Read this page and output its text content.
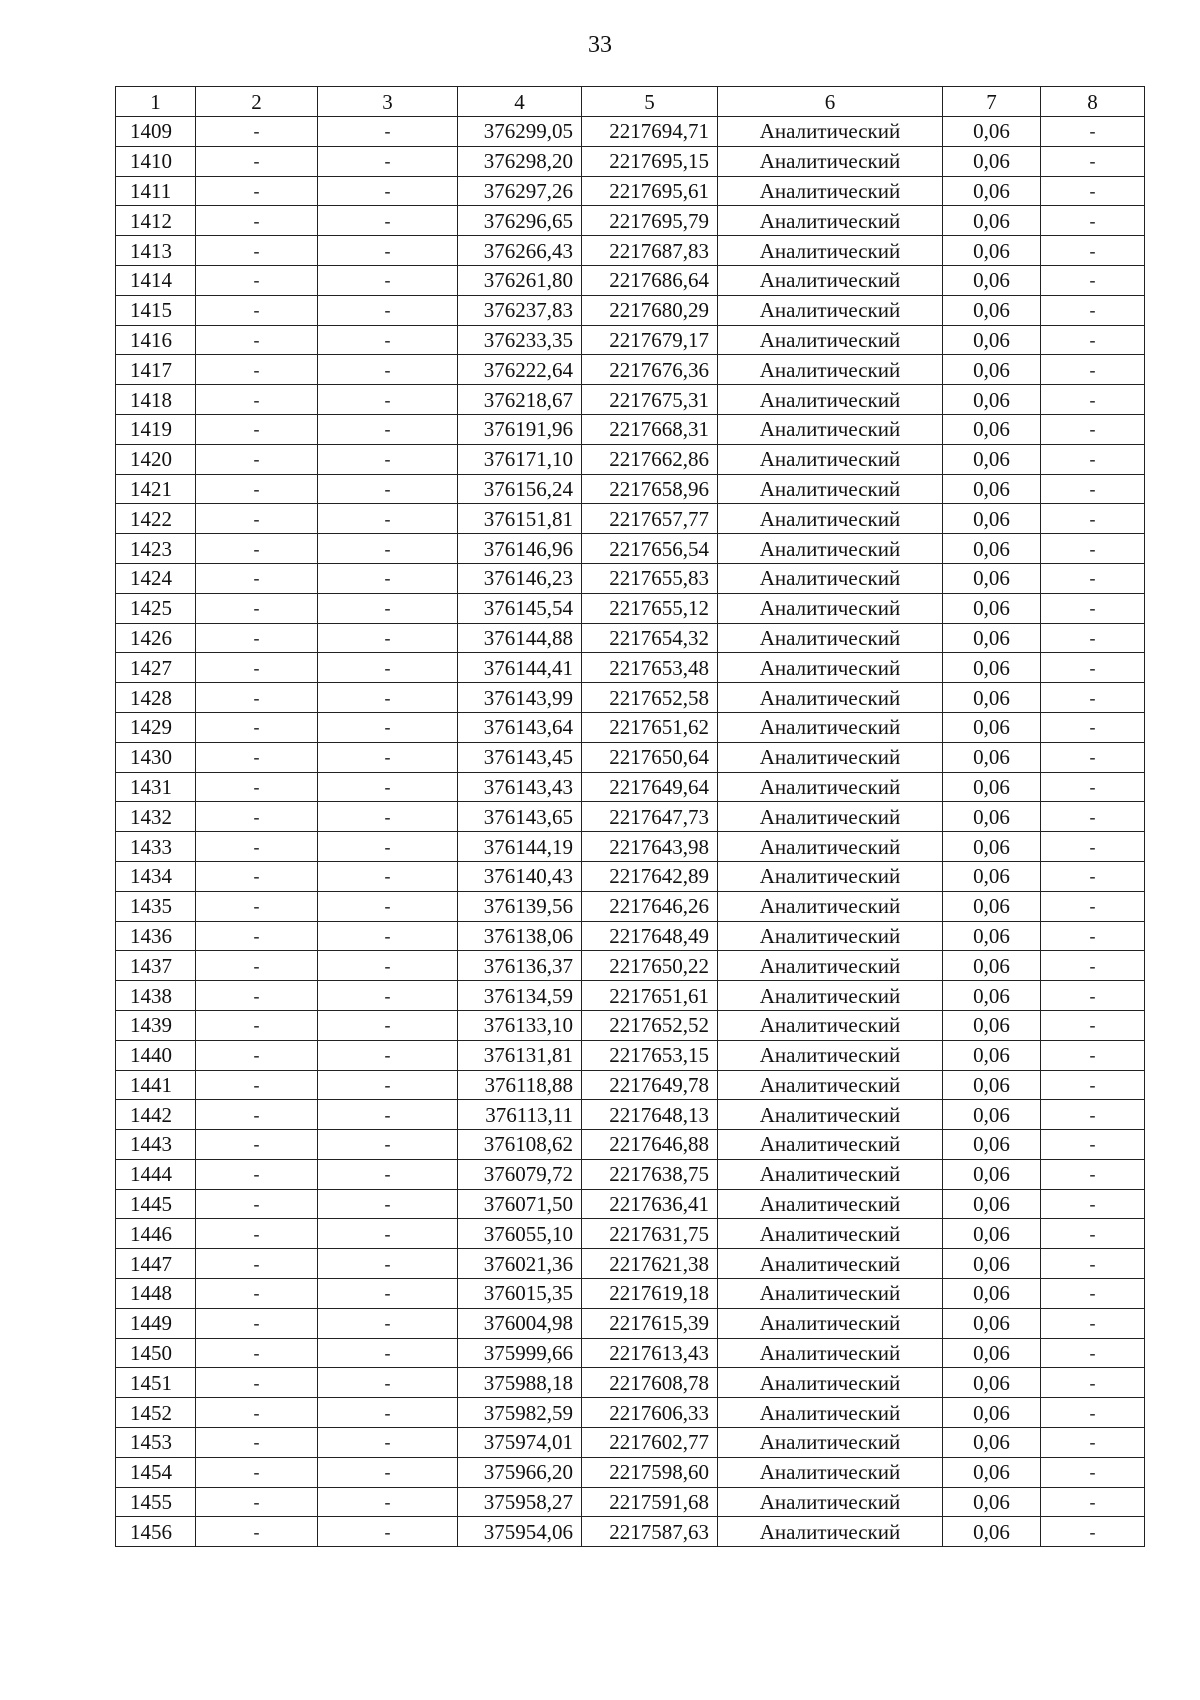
33
1	2	3	4	5	6	7	8
1409	-	-	376299,05	2217694,71	Аналитический	0,06	-
1410	-	-	376298,20	2217695,15	Аналитический	0,06	-
1411	-	-	376297,26	2217695,61	Аналитический	0,06	-
1412	-	-	376296,65	2217695,79	Аналитический	0,06	-
1413	-	-	376266,43	2217687,83	Аналитический	0,06	-
1414	-	-	376261,80	2217686,64	Аналитический	0,06	-
1415	-	-	376237,83	2217680,29	Аналитический	0,06	-
1416	-	-	376233,35	2217679,17	Аналитический	0,06	-
1417	-	-	376222,64	2217676,36	Аналитический	0,06	-
1418	-	-	376218,67	2217675,31	Аналитический	0,06	-
1419	-	-	376191,96	2217668,31	Аналитический	0,06	-
1420	-	-	376171,10	2217662,86	Аналитический	0,06	-
1421	-	-	376156,24	2217658,96	Аналитический	0,06	-
1422	-	-	376151,81	2217657,77	Аналитический	0,06	-
1423	-	-	376146,96	2217656,54	Аналитический	0,06	-
1424	-	-	376146,23	2217655,83	Аналитический	0,06	-
1425	-	-	376145,54	2217655,12	Аналитический	0,06	-
1426	-	-	376144,88	2217654,32	Аналитический	0,06	-
1427	-	-	376144,41	2217653,48	Аналитический	0,06	-
1428	-	-	376143,99	2217652,58	Аналитический	0,06	-
1429	-	-	376143,64	2217651,62	Аналитический	0,06	-
1430	-	-	376143,45	2217650,64	Аналитический	0,06	-
1431	-	-	376143,43	2217649,64	Аналитический	0,06	-
1432	-	-	376143,65	2217647,73	Аналитический	0,06	-
1433	-	-	376144,19	2217643,98	Аналитический	0,06	-
1434	-	-	376140,43	2217642,89	Аналитический	0,06	-
1435	-	-	376139,56	2217646,26	Аналитический	0,06	-
1436	-	-	376138,06	2217648,49	Аналитический	0,06	-
1437	-	-	376136,37	2217650,22	Аналитический	0,06	-
1438	-	-	376134,59	2217651,61	Аналитический	0,06	-
1439	-	-	376133,10	2217652,52	Аналитический	0,06	-
1440	-	-	376131,81	2217653,15	Аналитический	0,06	-
1441	-	-	376118,88	2217649,78	Аналитический	0,06	-
1442	-	-	376113,11	2217648,13	Аналитический	0,06	-
1443	-	-	376108,62	2217646,88	Аналитический	0,06	-
1444	-	-	376079,72	2217638,75	Аналитический	0,06	-
1445	-	-	376071,50	2217636,41	Аналитический	0,06	-
1446	-	-	376055,10	2217631,75	Аналитический	0,06	-
1447	-	-	376021,36	2217621,38	Аналитический	0,06	-
1448	-	-	376015,35	2217619,18	Аналитический	0,06	-
1449	-	-	376004,98	2217615,39	Аналитический	0,06	-
1450	-	-	375999,66	2217613,43	Аналитический	0,06	-
1451	-	-	375988,18	2217608,78	Аналитический	0,06	-
1452	-	-	375982,59	2217606,33	Аналитический	0,06	-
1453	-	-	375974,01	2217602,77	Аналитический	0,06	-
1454	-	-	375966,20	2217598,60	Аналитический	0,06	-
1455	-	-	375958,27	2217591,68	Аналитический	0,06	-
1456	-	-	375954,06	2217587,63	Аналитический	0,06	-
